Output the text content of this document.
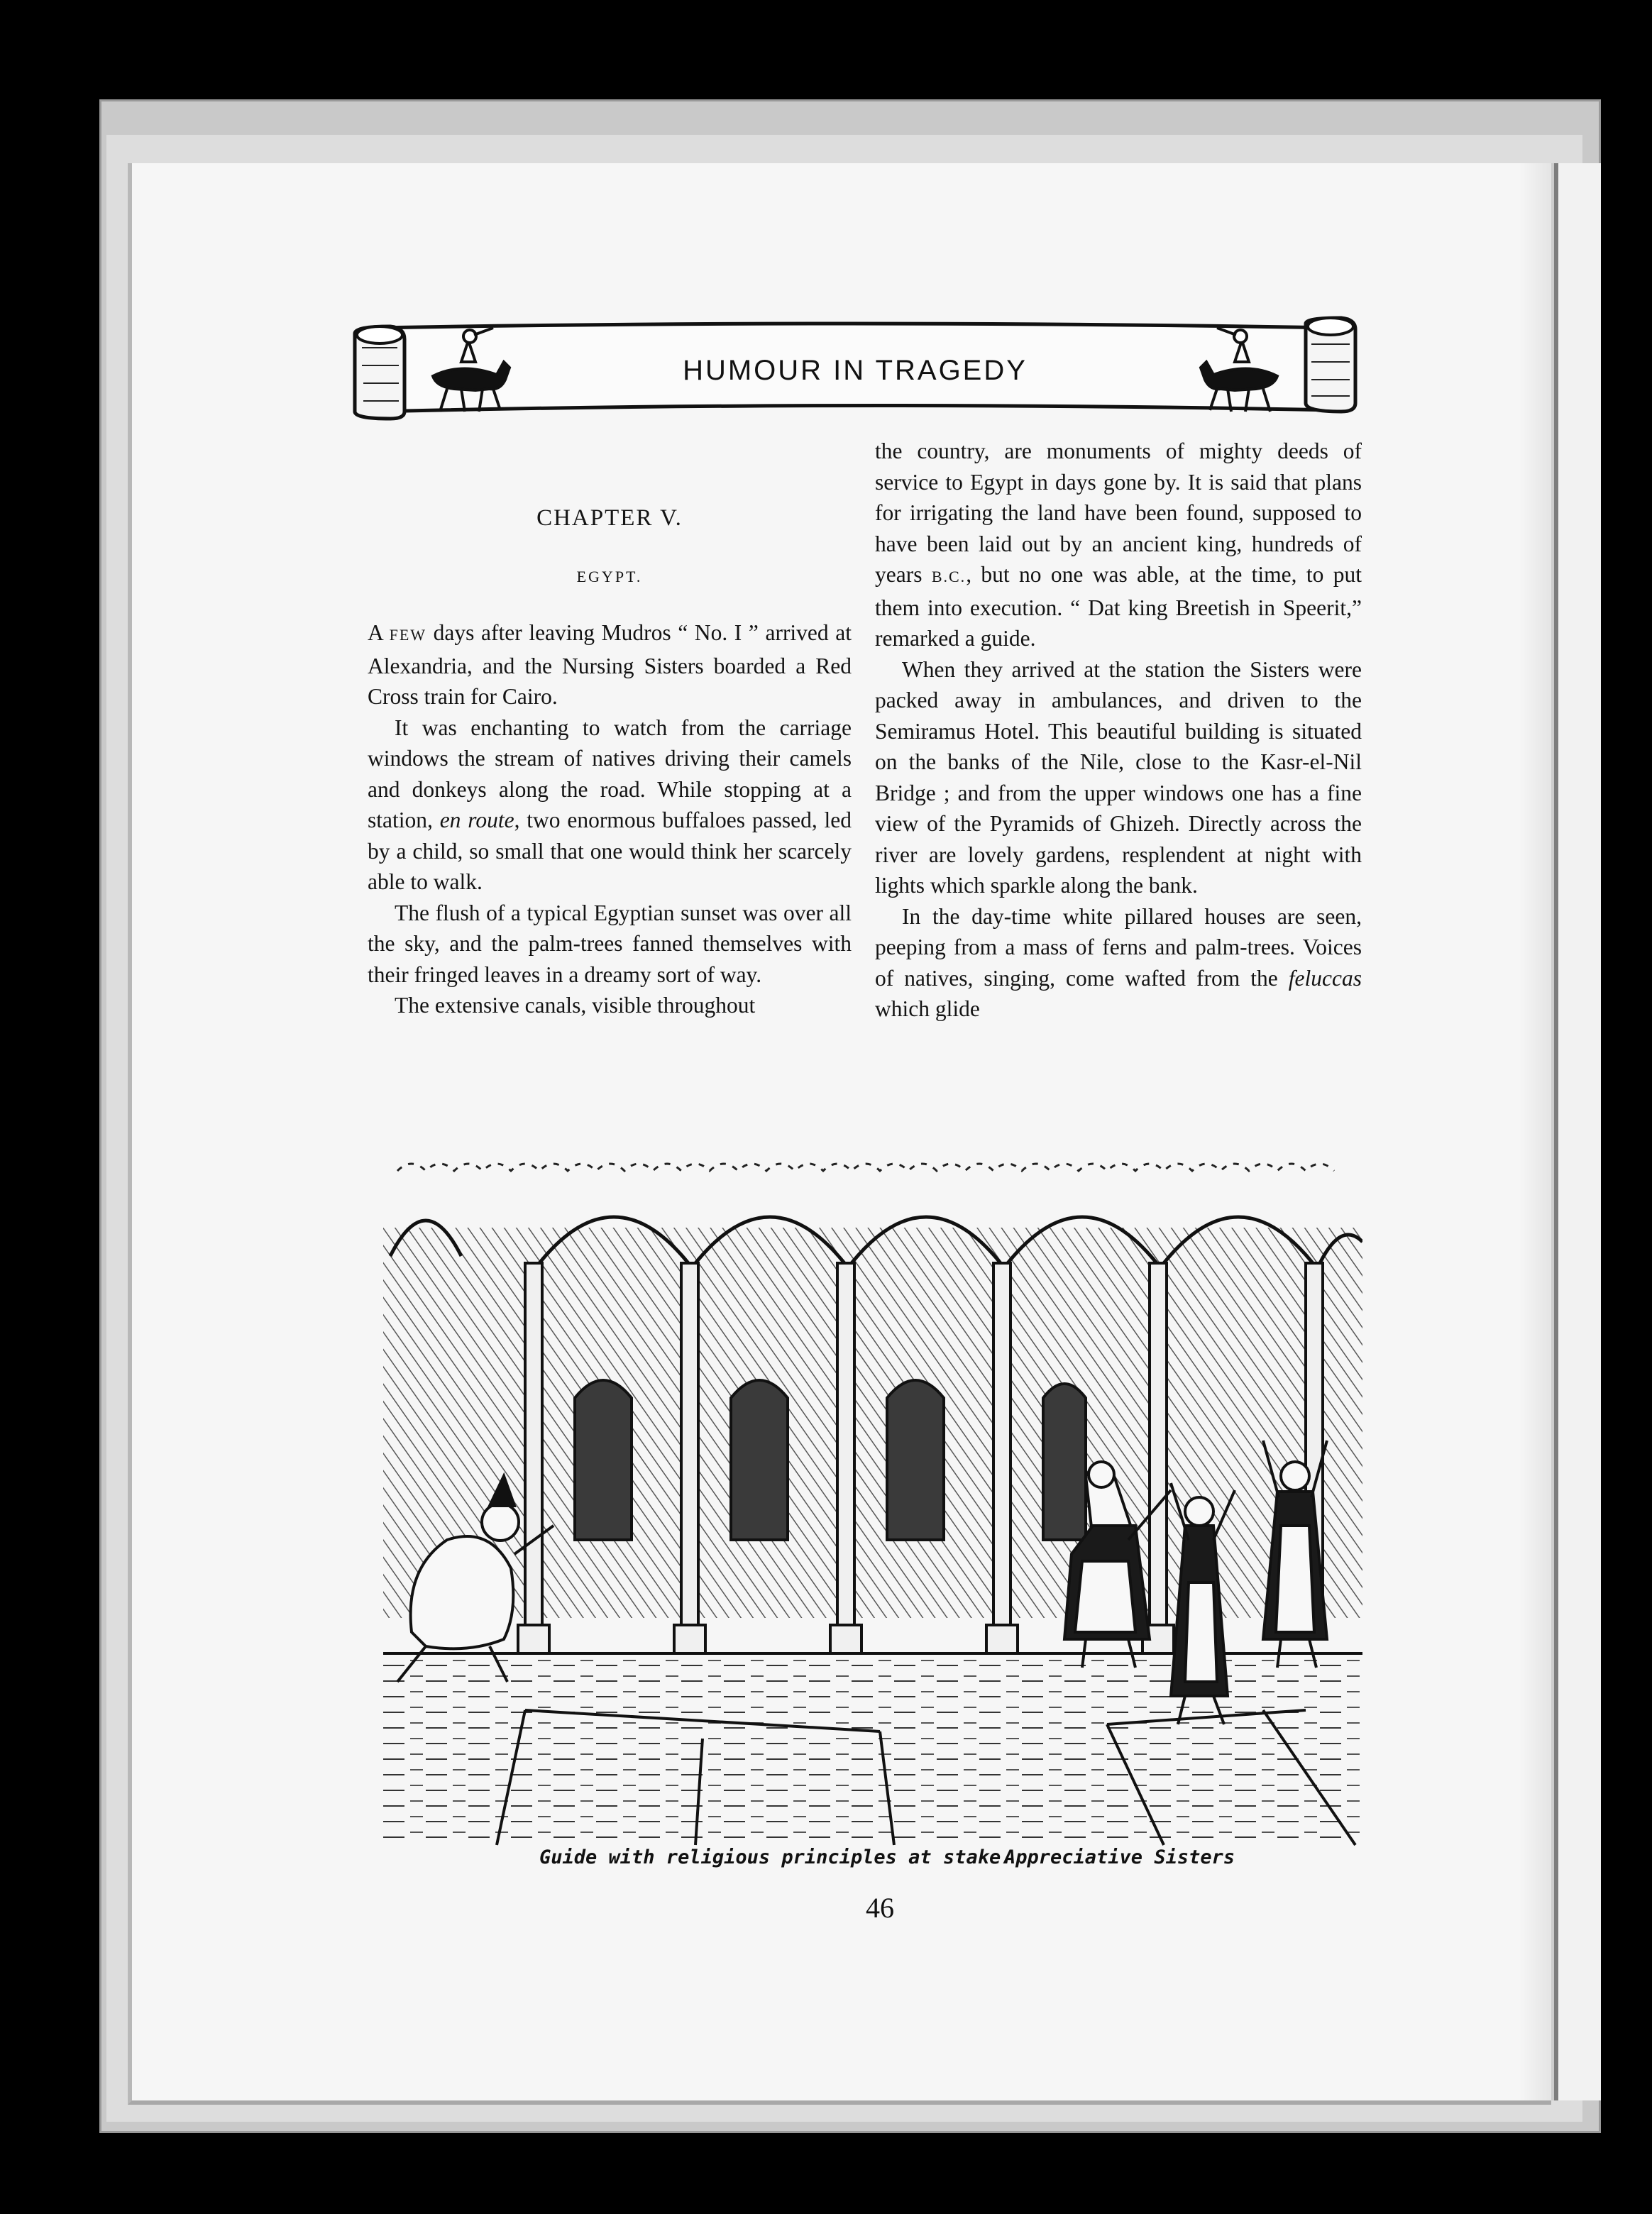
HUMOUR IN TRAGEDY
CHAPTER V.
EGYPT.

A FEW days after leaving Mudros “ No. I ” arrived at Alexandria, and the Nursing Sisters boarded a Red Cross train for Cairo.

It was enchanting to watch from the carriage windows the stream of natives driving their camels and donkeys along the road. While stopping at a station, en route, two enormous buffaloes passed, led by a child, so small that one would think her scarcely able to walk.

The flush of a typical Egyptian sunset was over all the sky, and the palm-trees fanned themselves with their fringed leaves in a dreamy sort of way.

The extensive canals, visible throughout

the country, are monuments of mighty deeds of service to Egypt in days gone by. It is said that plans for irrigating the land have been found, supposed to have been laid out by an ancient king, hundreds of years B.C., but no one was able, at the time, to put them into execution. “ Dat king Breetish in Speerit,” remarked a guide.

When they arrived at the station the Sisters were packed away in ambulances, and driven to the Semiramus Hotel. This beautiful building is situated on the banks of the Nile, close to the Kasr-el-Nil Bridge ; and from the upper windows one has a fine view of the Pyramids of Ghizeh. Directly across the river are lovely gardens, resplendent at night with lights which sparkle along the bank.

In the day-time white pillared houses are seen, peeping from a mass of ferns and palm-trees. Voices of natives, singing, come wafted from the feluccas which glide

Guide with religious principles at stake.
Appreciative Sisters
46
